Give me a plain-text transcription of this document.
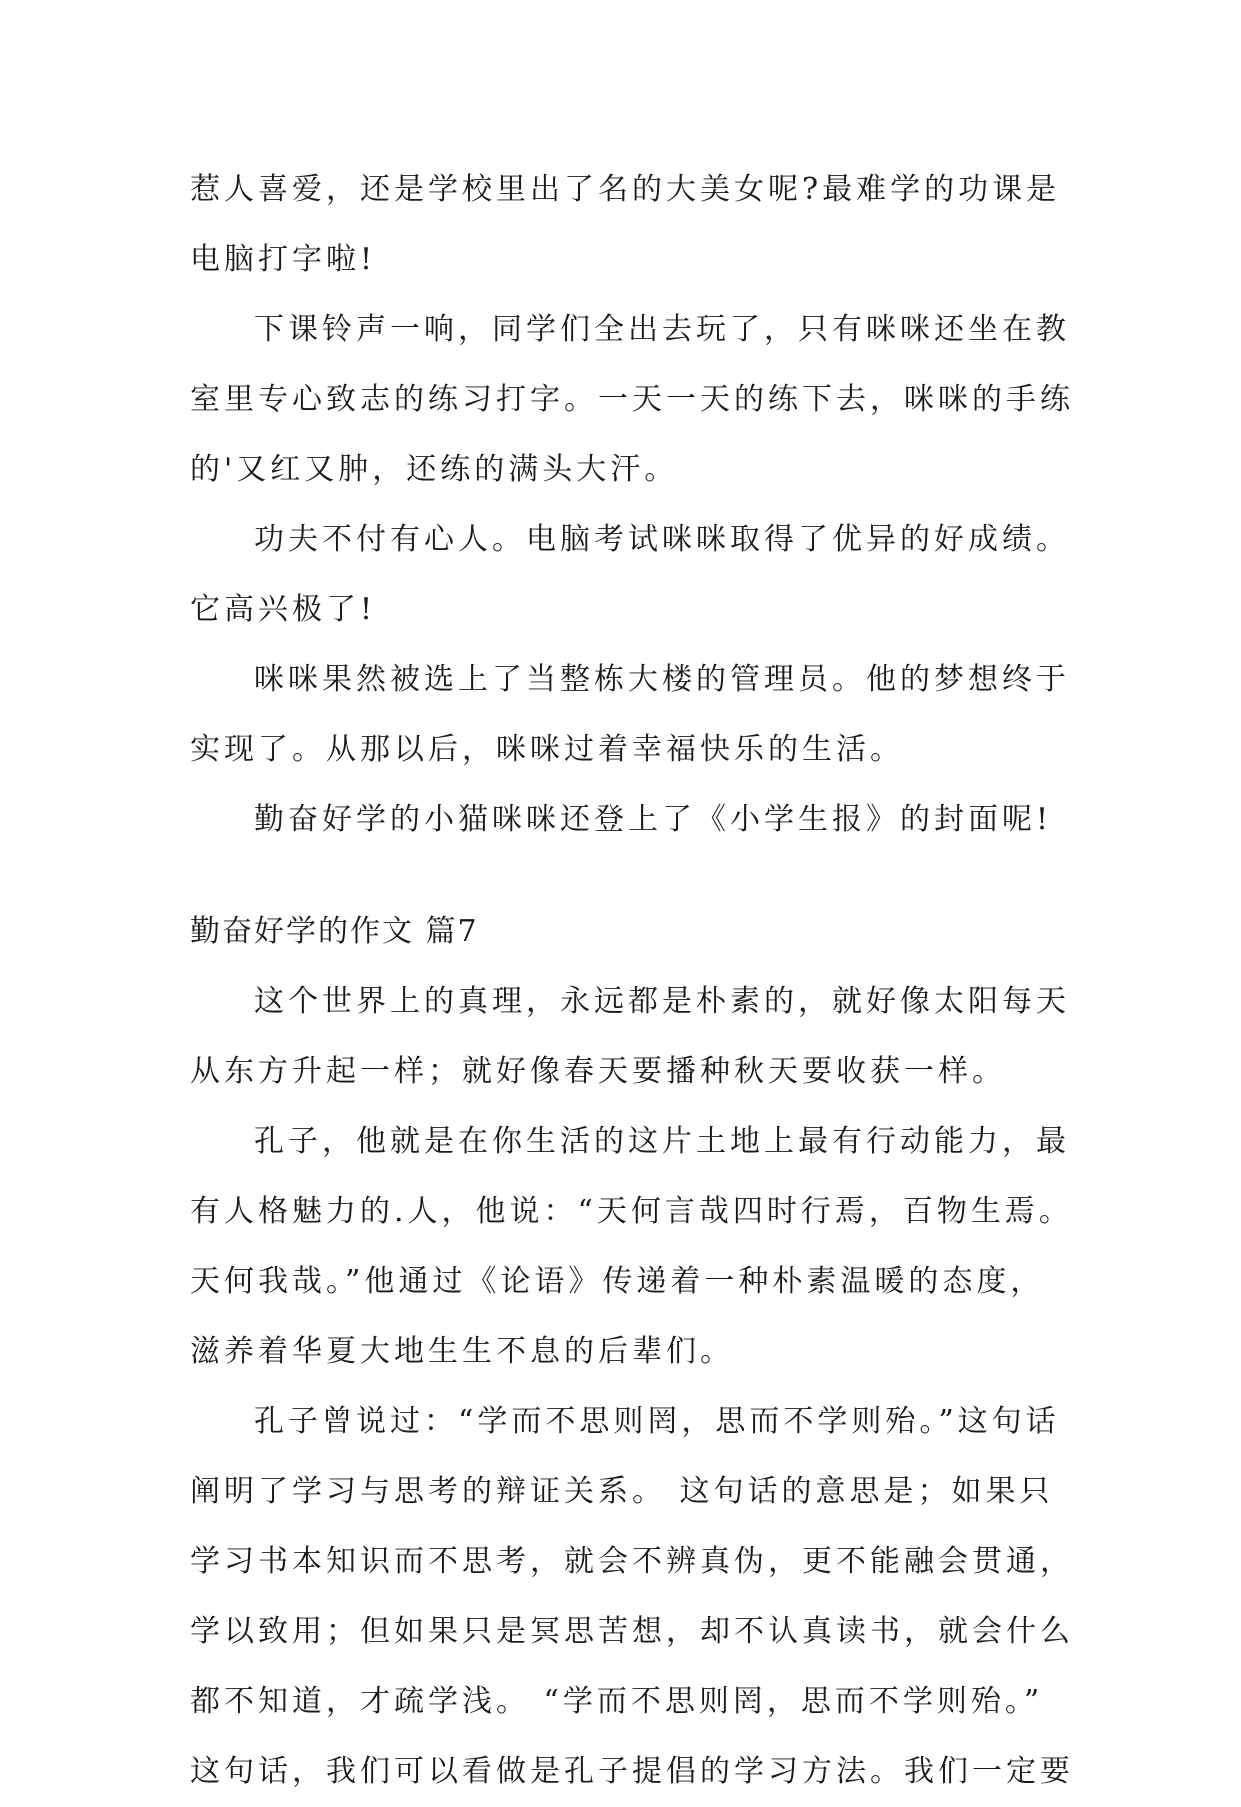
惹人喜爱，还是学校里出了名的大美女呢?最难学的功课是
电脑打字啦!
下课铃声一响，同学们全出去玩了，只有咪咪还坐在教
室里专心致志的练习打字。一天一天的练下去，咪咪的手练
的'又红又肿，还练的满头大汗。
功夫不付有心人。电脑考试咪咪取得了优异的好成绩。
它高兴极了!
咪咪果然被选上了当整栋大楼的管理员。他的梦想终于
实现了。从那以后，咪咪过着幸福快乐的生活。
勤奋好学的小猫咪咪还登上了《小学生报》的封面呢!
勤奋好学的作文 篇7
这个世界上的真理，永远都是朴素的，就好像太阳每天
从东方升起一样；就好像春天要播种秋天要收获一样。
孔子，他就是在你生活的这片土地上最有行动能力，最
有人格魅力的.人，他说：“天何言哉四时行焉，百物生焉。
天何我哉。”他通过《论语》传递着一种朴素温暖的态度，
滋养着华夏大地生生不息的后辈们。
孔子曾说过：“学而不思则罔，思而不学则殆。”这句话
阐明了学习与思考的辩证关系。 这句话的意思是；如果只
学习书本知识而不思考，就会不辨真伪，更不能融会贯通，
学以致用；但如果只是冥思苦想，却不认真读书，就会什么
都不知道，才疏学浅。 “学而不思则罔，思而不学则殆。”
这句话，我们可以看做是孔子提倡的学习方法。我们一定要
